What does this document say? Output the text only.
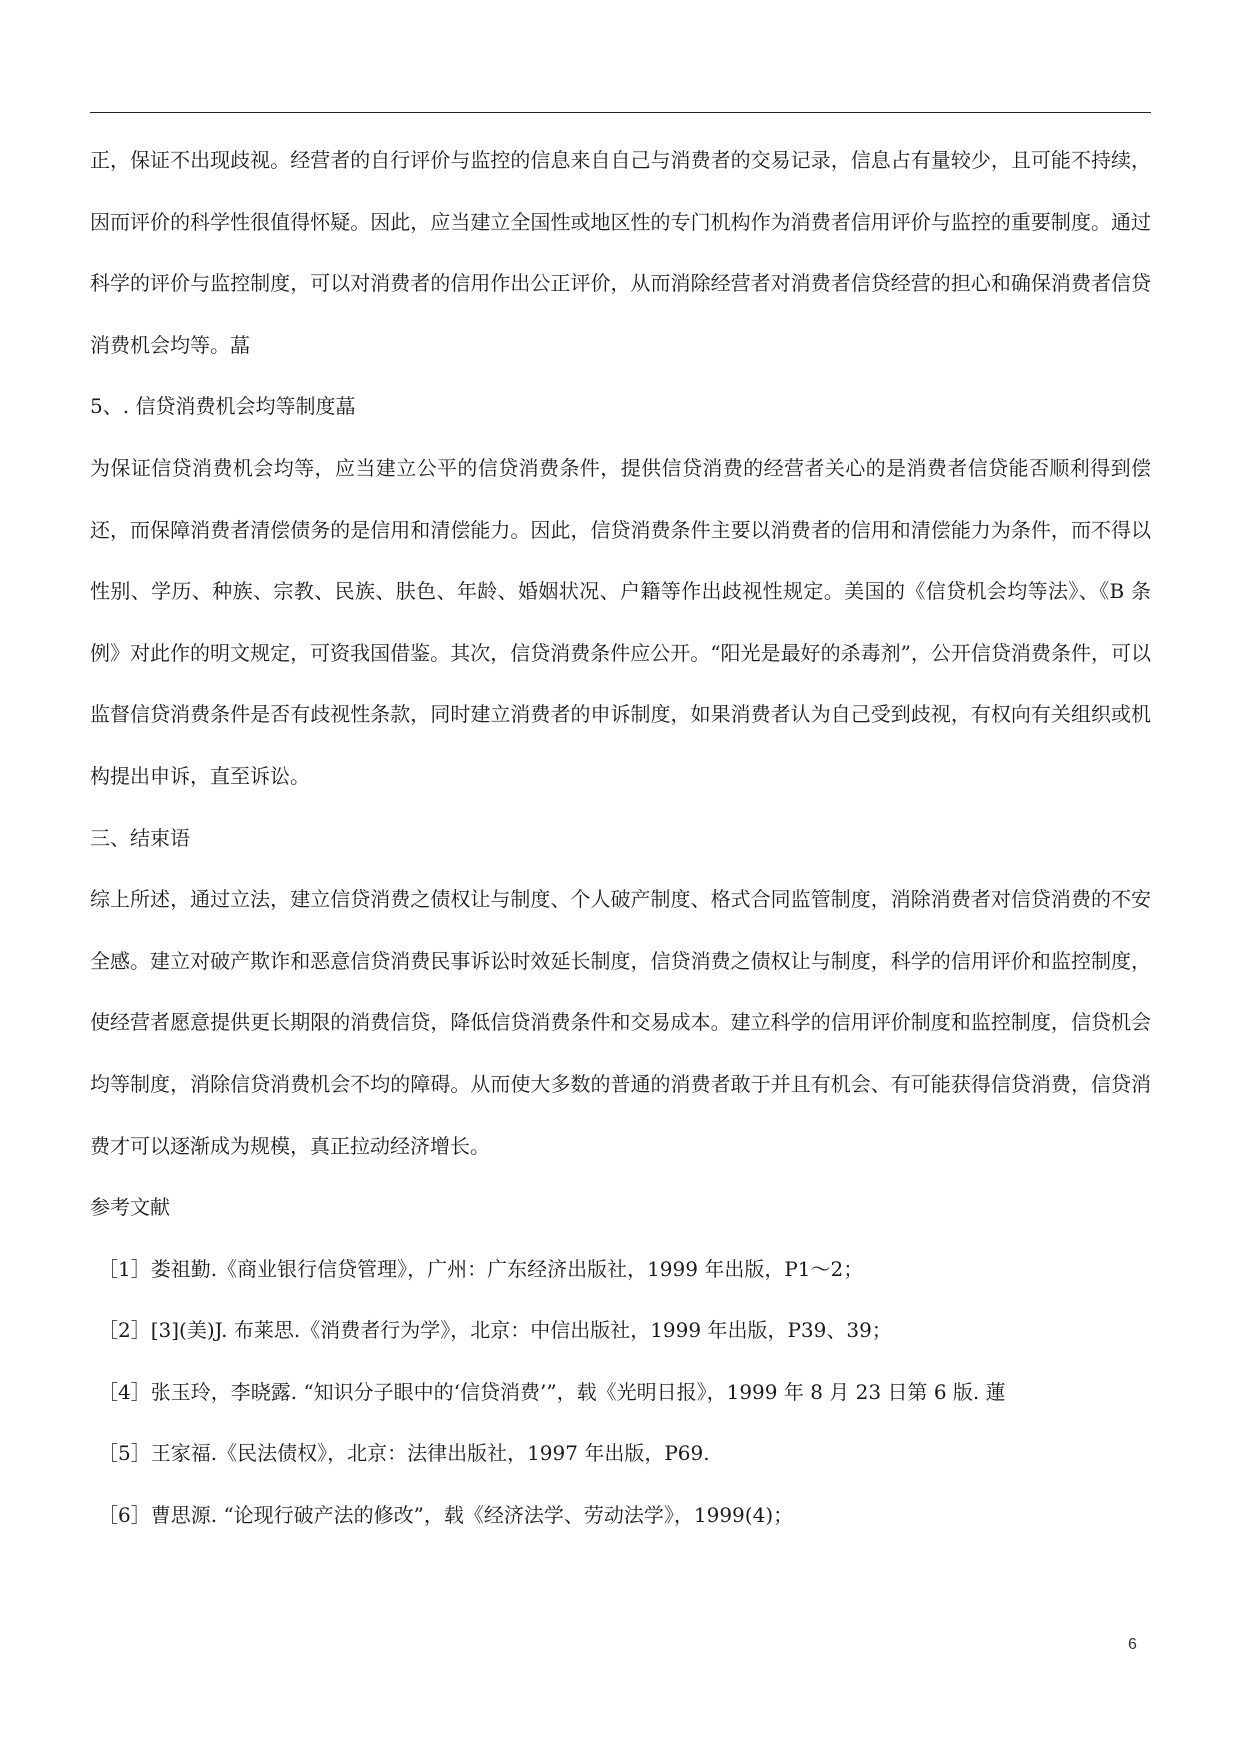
正，保证不出现歧视。经营者的自行评价与监控的信息来自自己与消费者的交易记录，信息占有量较少，且可能不持续，因而评价的科学性很值得怀疑。因此，应当建立全国性或地区性的专门机构作为消费者信用评价与监控的重要制度。通过科学的评价与监控制度，可以对消费者的信用作出公正评价，从而消除经营者对消费者信贷经营的担心和确保消费者信贷消费机会均等。蕌

5、. 信贷消费机会均等制度蕌

为保证信贷消费机会均等，应当建立公平的信贷消费条件，提供信贷消费的经营者关心的是消费者信贷能否顺利得到偿还，而保障消费者清偿债务的是信用和清偿能力。因此，信贷消费条件主要以消费者的信用和清偿能力为条件，而不得以性别、学历、种族、宗教、民族、肤色、年龄、婚姻状况、户籍等作出歧视性规定。美国的《信贷机会均等法》、《B 条例》对此作的明文规定，可资我国借鉴。其次，信贷消费条件应公开。“阳光是最好的杀毒剂”，公开信贷消费条件，可以监督信贷消费条件是否有歧视性条款，同时建立消费者的申诉制度，如果消费者认为自己受到歧视，有权向有关组织或机构提出申诉，直至诉讼。

三、结束语

综上所述，通过立法，建立信贷消费之债权让与制度、个人破产制度、格式合同监管制度，消除消费者对信贷消费的不安全感。建立对破产欺诈和恶意信贷消费民事诉讼时效延长制度，信贷消费之债权让与制度，科学的信用评价和监控制度，使经营者愿意提供更长期限的消费信贷，降低信贷消费条件和交易成本。建立科学的信用评价制度和监控制度，信贷机会均等制度，消除信贷消费机会不均的障碍。从而使大多数的普通的消费者敢于并且有机会、有可能获得信贷消费，信贷消费才可以逐渐成为规模，真正拉动经济增长。

参考文献

［1］娄祖勤.《商业银行信贷管理》，广州：广东经济出版社，1999 年出版，P1～2；

［2］[3](美)J. 布莱思.《消费者行为学》，北京：中信出版社，1999 年出版，P39、39；

［4］张玉玲，李晓露. “知识分子眼中的‘信贷消费’”，载《光明日报》，1999 年 8 月 23 日第 6 版. 蓮

［5］王家福.《民法债权》，北京：法律出版社，1997 年出版，P69.

［6］曹思源. “论现行破产法的修改”，载《经济法学、劳动法学》，1999(4)；

6
